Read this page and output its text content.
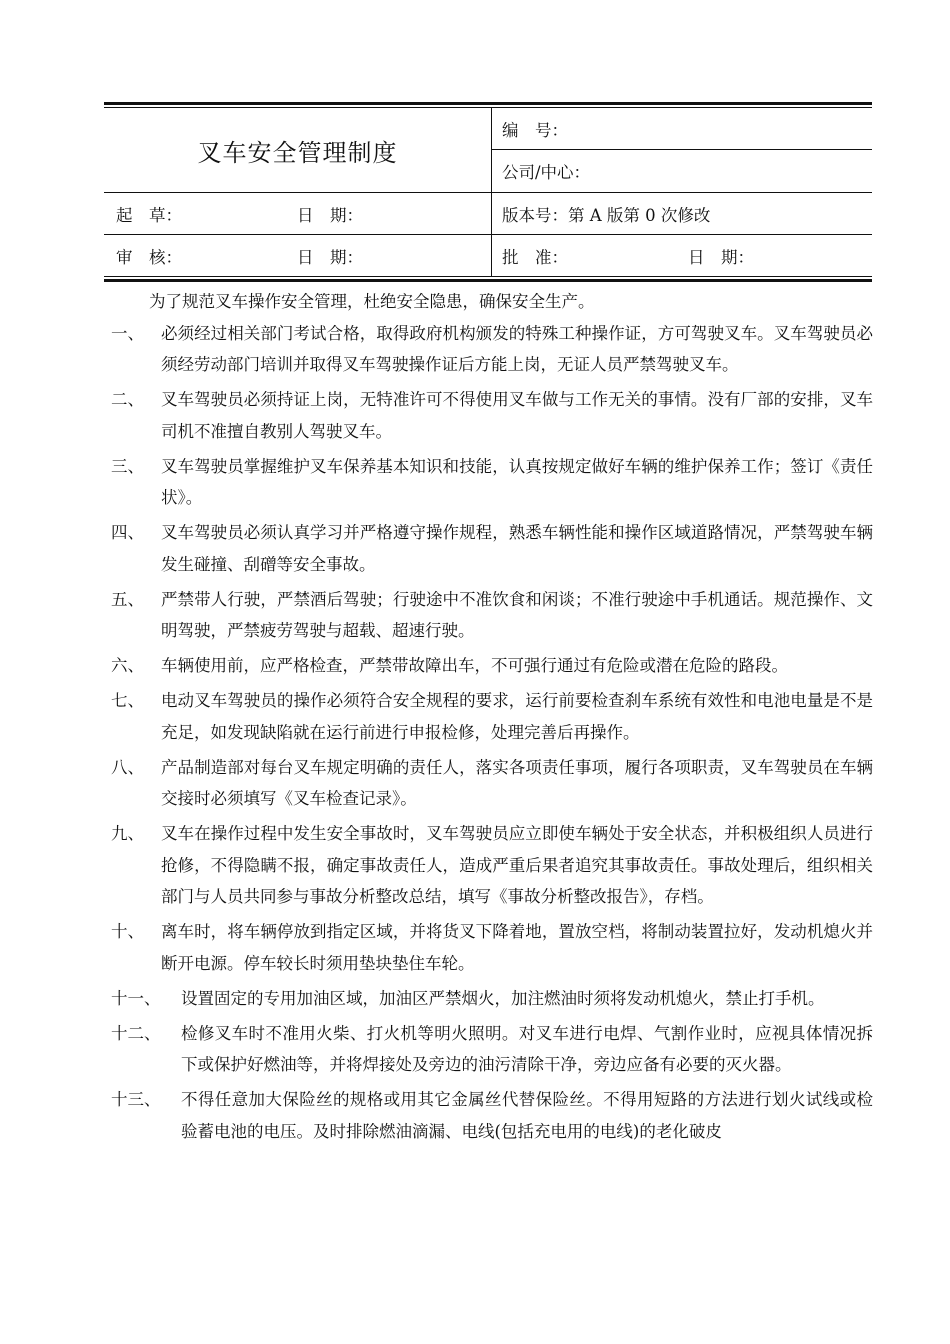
叉车安全管理制度
编　号：
公司/中心：
起　草：	日　期：	版本号：第 A 版第 0 次修改
审　核：	日　期：	批　准：	日　期：
为了规范叉车操作安全管理，杜绝安全隐患，确保安全生产。
一、	必须经过相关部门考试合格，取得政府机构颁发的特殊工种操作证，方可驾驶叉车。叉车驾驶员必须经劳动部门培训并取得叉车驾驶操作证后方能上岗，无证人员严禁驾驶叉车。
二、	叉车驾驶员必须持证上岗，无特准许可不得使用叉车做与工作无关的事情。没有厂部的安排，叉车司机不准擅自教别人驾驶叉车。
三、	叉车驾驶员掌握维护叉车保养基本知识和技能，认真按规定做好车辆的维护保养工作；签订《责任状》。
四、	叉车驾驶员必须认真学习并严格遵守操作规程，熟悉车辆性能和操作区域道路情况，严禁驾驶车辆发生碰撞、刮磳等安全事故。
五、	严禁带人行驶，严禁酒后驾驶；行驶途中不准饮食和闲谈；不准行驶途中手机通话。规范操作、文明驾驶，严禁疲劳驾驶与超载、超速行驶。
六、	车辆使用前，应严格检查，严禁带故障出车，不可强行通过有危险或潜在危险的路段。
七、	电动叉车驾驶员的操作必须符合安全规程的要求，运行前要检查刹车系统有效性和电池电量是不是充足，如发现缺陷就在运行前进行申报检修，处理完善后再操作。
八、	产品制造部对每台叉车规定明确的责任人，落实各项责任事项，履行各项职责，叉车驾驶员在车辆交接时必须填写《叉车检查记录》。
九、	叉车在操作过程中发生安全事故时，叉车驾驶员应立即使车辆处于安全状态，并积极组织人员进行抢修，不得隐瞒不报，确定事故责任人，造成严重后果者追究其事故责任。事故处理后，组织相关部门与人员共同参与事故分析整改总结，填写《事故分析整改报告》，存档。
十、	离车时，将车辆停放到指定区域，并将货叉下降着地，置放空档，将制动装置拉好，发动机熄火并断开电源。停车较长时须用垫块垫住车轮。
十一、	设置固定的专用加油区域，加油区严禁烟火，加注燃油时须将发动机熄火，禁止打手机。
十二、	检修叉车时不准用火柴、打火机等明火照明。对叉车进行电焊、气割作业时，应视具体情况拆下或保护好燃油等，并将焊接处及旁边的油污清除干净，旁边应备有必要的灭火器。
十三、	不得任意加大保险丝的规格或用其它金属丝代替保险丝。不得用短路的方法进行划火试线或检验蓄电池的电压。及时排除燃油滴漏、电线(包括充电用的电线)的老化破皮
